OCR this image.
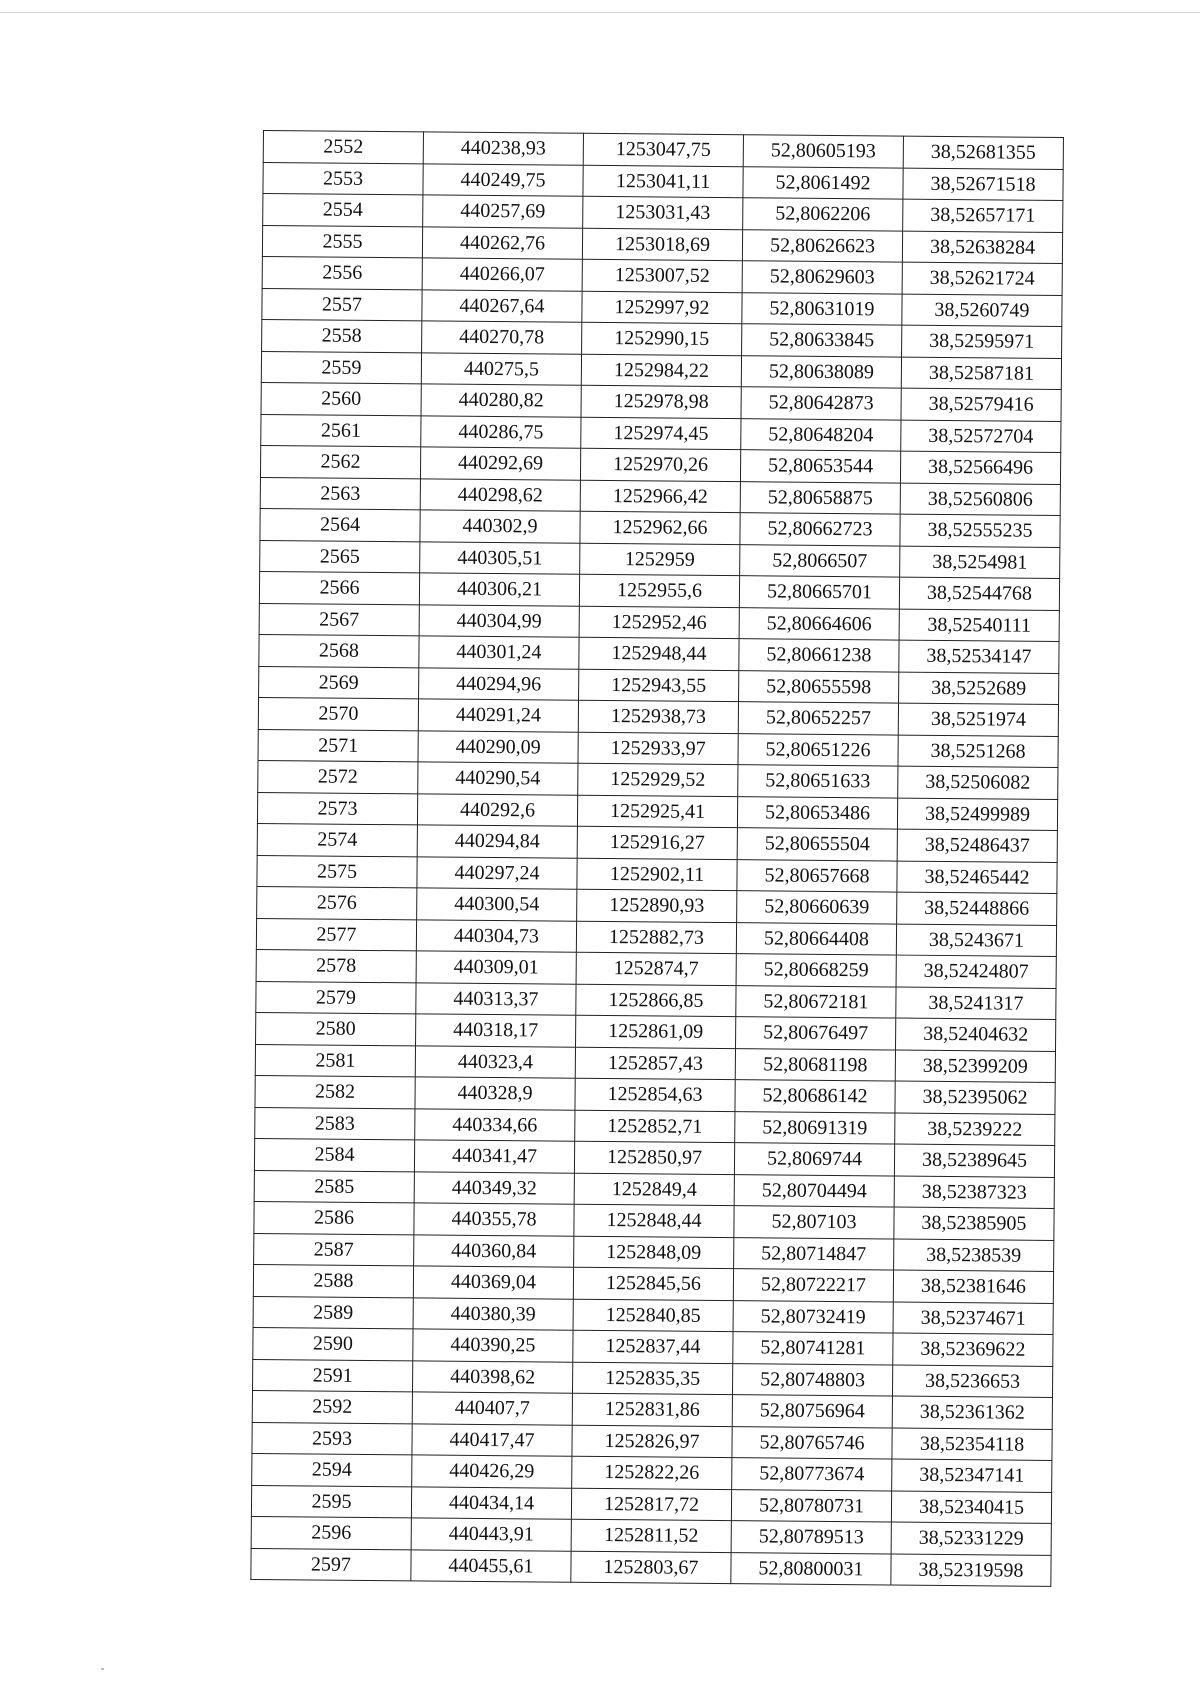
2552	440238,93	1253047,75	52,80605193	38,52681355
2553	440249,75	1253041,11	52,8061492	38,52671518
2554	440257,69	1253031,43	52,8062206	38,52657171
2555	440262,76	1253018,69	52,80626623	38,52638284
2556	440266,07	1253007,52	52,80629603	38,52621724
2557	440267,64	1252997,92	52,80631019	38,5260749
2558	440270,78	1252990,15	52,80633845	38,52595971
2559	440275,5	1252984,22	52,80638089	38,52587181
2560	440280,82	1252978,98	52,80642873	38,52579416
2561	440286,75	1252974,45	52,80648204	38,52572704
2562	440292,69	1252970,26	52,80653544	38,52566496
2563	440298,62	1252966,42	52,80658875	38,52560806
2564	440302,9	1252962,66	52,80662723	38,52555235
2565	440305,51	1252959	52,8066507	38,5254981
2566	440306,21	1252955,6	52,80665701	38,52544768
2567	440304,99	1252952,46	52,80664606	38,52540111
2568	440301,24	1252948,44	52,80661238	38,52534147
2569	440294,96	1252943,55	52,80655598	38,5252689
2570	440291,24	1252938,73	52,80652257	38,5251974
2571	440290,09	1252933,97	52,80651226	38,5251268
2572	440290,54	1252929,52	52,80651633	38,52506082
2573	440292,6	1252925,41	52,80653486	38,52499989
2574	440294,84	1252916,27	52,80655504	38,52486437
2575	440297,24	1252902,11	52,80657668	38,52465442
2576	440300,54	1252890,93	52,80660639	38,52448866
2577	440304,73	1252882,73	52,80664408	38,5243671
2578	440309,01	1252874,7	52,80668259	38,52424807
2579	440313,37	1252866,85	52,80672181	38,5241317
2580	440318,17	1252861,09	52,80676497	38,52404632
2581	440323,4	1252857,43	52,80681198	38,52399209
2582	440328,9	1252854,63	52,80686142	38,52395062
2583	440334,66	1252852,71	52,80691319	38,5239222
2584	440341,47	1252850,97	52,8069744	38,52389645
2585	440349,32	1252849,4	52,80704494	38,52387323
2586	440355,78	1252848,44	52,807103	38,52385905
2587	440360,84	1252848,09	52,80714847	38,5238539
2588	440369,04	1252845,56	52,80722217	38,52381646
2589	440380,39	1252840,85	52,80732419	38,52374671
2590	440390,25	1252837,44	52,80741281	38,52369622
2591	440398,62	1252835,35	52,80748803	38,5236653
2592	440407,7	1252831,86	52,80756964	38,52361362
2593	440417,47	1252826,97	52,80765746	38,52354118
2594	440426,29	1252822,26	52,80773674	38,52347141
2595	440434,14	1252817,72	52,80780731	38,52340415
2596	440443,91	1252811,52	52,80789513	38,52331229
2597	440455,61	1252803,67	52,80800031	38,52319598
